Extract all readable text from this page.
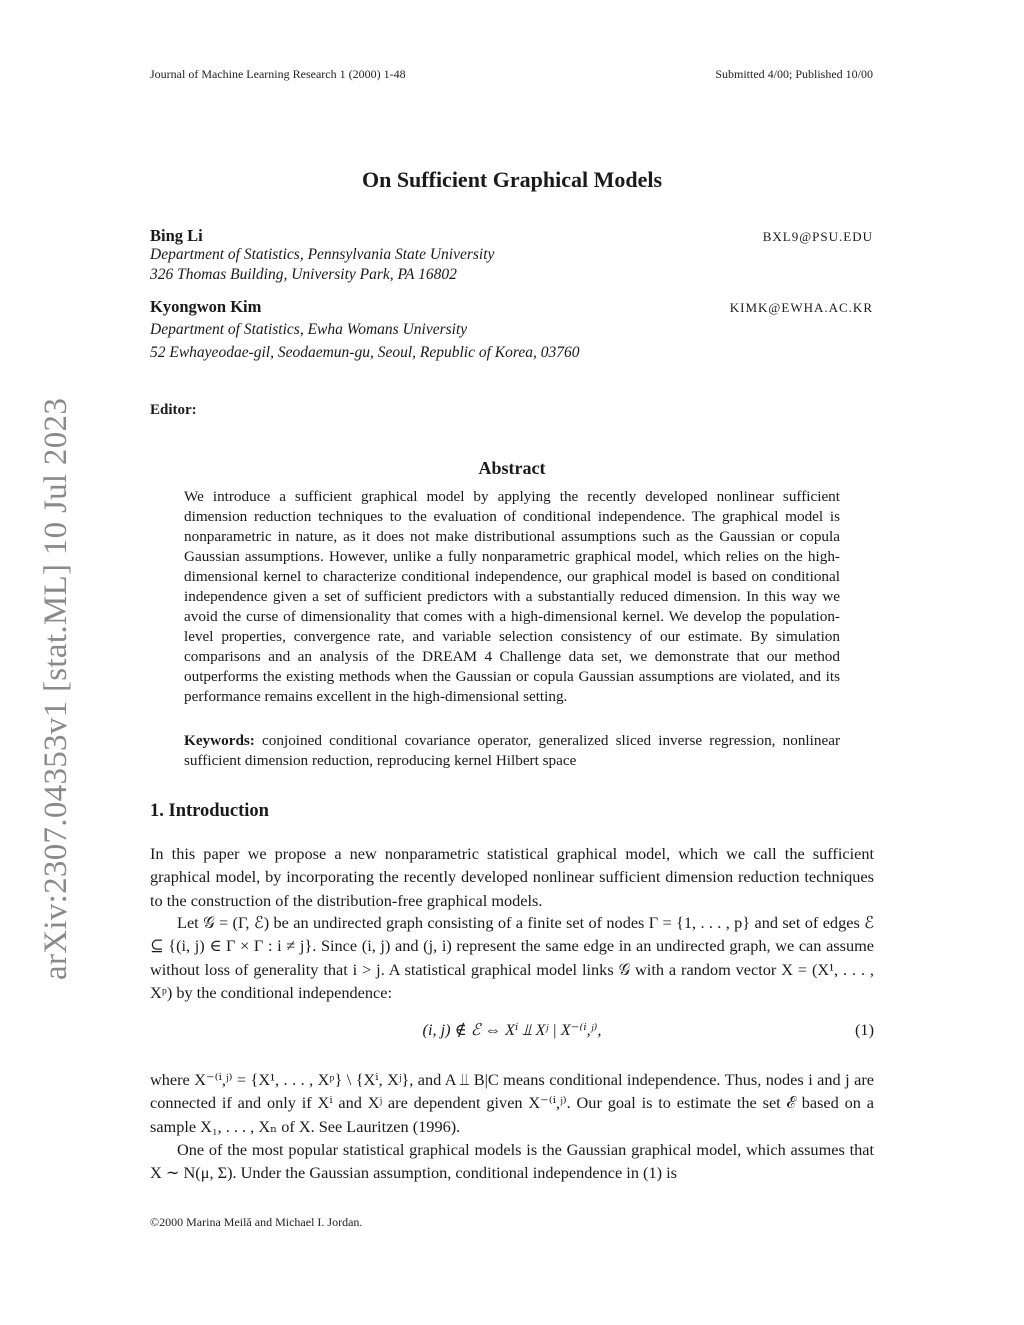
Journal of Machine Learning Research 1 (2000) 1-48	Submitted 4/00; Published 10/00
arXiv:2307.04353v1 [stat.ML] 10 Jul 2023
On Sufficient Graphical Models
Bing Li	BXL9@PSU.EDU
Department of Statistics, Pennsylvania State University
326 Thomas Building, University Park, PA 16802
Kyongwon Kim	KIMK@EWHA.AC.KR
Department of Statistics, Ewha Womans University
52 Ewhayeodae-gil, Seodaemun-gu, Seoul, Republic of Korea, 03760
Editor:
Abstract
We introduce a sufficient graphical model by applying the recently developed nonlinear sufficient dimension reduction techniques to the evaluation of conditional independence. The graphical model is nonparametric in nature, as it does not make distributional assumptions such as the Gaussian or copula Gaussian assumptions. However, unlike a fully nonparametric graphical model, which relies on the high-dimensional kernel to characterize conditional independence, our graphical model is based on conditional independence given a set of sufficient predictors with a substantially reduced dimension. In this way we avoid the curse of dimensionality that comes with a high-dimensional kernel. We develop the population-level properties, convergence rate, and variable selection consistency of our estimate. By simulation comparisons and an analysis of the DREAM 4 Challenge data set, we demonstrate that our method outperforms the existing methods when the Gaussian or copula Gaussian assumptions are violated, and its performance remains excellent in the high-dimensional setting.
Keywords: conjoined conditional covariance operator, generalized sliced inverse regression, nonlinear sufficient dimension reduction, reproducing kernel Hilbert space
1. Introduction
In this paper we propose a new nonparametric statistical graphical model, which we call the sufficient graphical model, by incorporating the recently developed nonlinear sufficient dimension reduction techniques to the construction of the distribution-free graphical models.
Let 𝒢 = (Γ, ℰ) be an undirected graph consisting of a finite set of nodes Γ = {1, . . . , p} and set of edges ℰ ⊆ {(i, j) ∈ Γ × Γ : i ≠ j}. Since (i, j) and (j, i) represent the same edge in an undirected graph, we can assume without loss of generality that i > j. A statistical graphical model links 𝒢 with a random vector X = (X¹, . . . , Xᵖ) by the conditional independence:
(i, j) ∉ ℰ ⇔ Xⁱ ⫫ Xʲ | X⁻⁽ⁱ,ʲ⁾,	(1)
where X⁻⁽ⁱ,ʲ⁾ = {X¹, . . . , Xᵖ} \ {Xⁱ, Xʲ}, and A ⫫ B|C means conditional independence. Thus, nodes i and j are connected if and only if Xⁱ and Xʲ are dependent given X⁻⁽ⁱ,ʲ⁾. Our goal is to estimate the set ℰ based on a sample X₁, . . . , Xₙ of X. See Lauritzen (1996).
One of the most popular statistical graphical models is the Gaussian graphical model, which assumes that X ∼ N(μ, Σ). Under the Gaussian assumption, conditional independence in (1) is
©2000 Marina Meilă and Michael I. Jordan.
